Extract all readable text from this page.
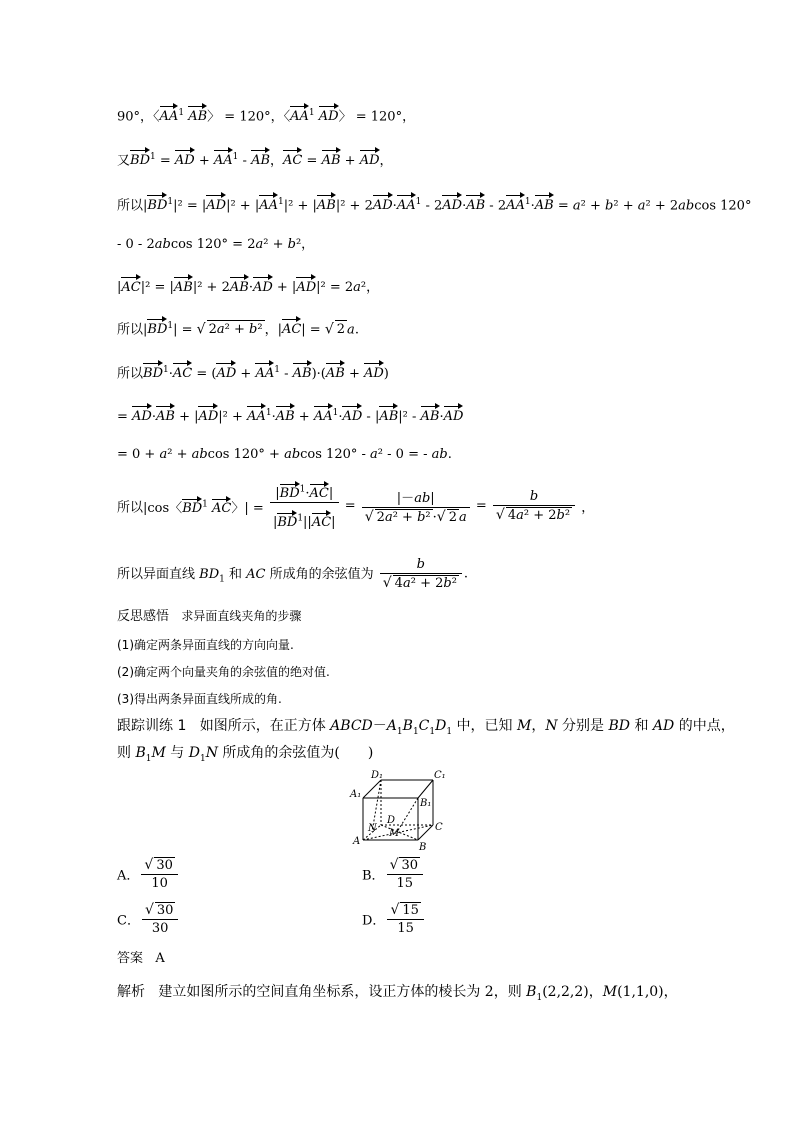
90°，〈$AA^1$ AB〉 = 120°，〈$AA^1$ AD〉 = 120°，
又$BD^1$ = AD + $AA^1$ - AB，AC = AB + AD，
所以$|BD^1|^2 = |AD|^2 + |AA^1|^2 + |AB|^2 + 2AD\cdot AA^1 - 2AD\cdot AB - 2AA^1\cdot AB = a^2 + b^2 + a^2 + 2abcos$ 120°
- 0 - 2abcos 120° = 2a² + b²，
|AC|² = |AB|² + 2AB·AD + |AD|² = 2a²，
所以$|BD^1|$ = √ 2a² + b² ，|AC| = √ 2 a.
所以$BD^1\cdot AC = (AD + AA^1 - AB)\cdot(AB + AD)$
= $AD\cdot AB + |AD|^2 + AA^1\cdot AB + AA^1\cdot AD - |AB|^2 - AB\cdot AD$
= 0 + a² + abcos 120° + abcos 120° - a² - 0 = - ab.
所以|cos〈$BD^1$ AC〉| = $\frac{|BD^1\cdot AC|}{|BD^1||AC|} = \frac{|-ab|}{\text{√ 2a² + b² ·√ 2 a}} = \frac{b}{\text{√ 4a² + 2b²}}$ ，
所以异面直线 $BD_1$ 和 AC 所成角的余弦值为 $\frac{b}{\text{√ 4a² + 2b²}}$ .
反思感悟 求异面直线夹角的步骤
(1)确定两条异面直线的方向向量.
(2)确定两个向量夹角的余弦值的绝对值.
(3)得出两条异面直线所成的角.
跟踪训练 1   如图所示，在正方体 $ABCD-A_1B_1C_1D_1$ 中，已知 M，N 分别是 BD 和 AD 的中点，
则 $B_1M$ 与 $D_1N$ 所成角的余弦值为(　　)
D₁	C₁
A₁
B₁
D
C
A
B
N M
A． $\frac{√ 30}{10}$	B． $\frac{√ 30}{15}$
C． $\frac{√ 30}{30}$	D． $\frac{√ 15}{15}$
答案 A
解析   建立如图所示的空间直角坐标系，设正方体的棱长为 2，则 $B_1(2,2,2)$，M(1,1,0)，
